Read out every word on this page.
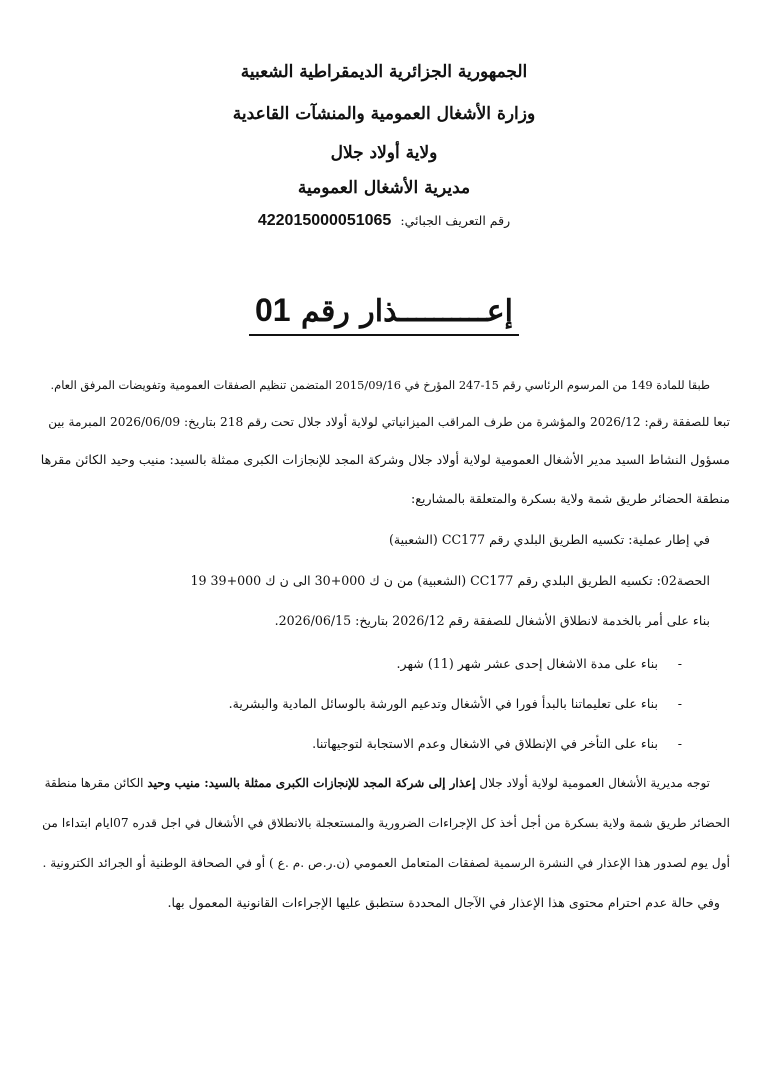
الجمهورية الجزائرية الديمقراطية الشعبية
وزارة الأشغال العمومية والمنشآت القاعدية
ولاية أولاد جلال
مديرية الأشغال العمومية
رقم التعريف الجبائي: 422015000051065
إعــــــــــذار رقم 01
طبقا للمادة 149 من المرسوم الرئاسي رقم 15-247 المؤرخ في 2015/09/16 المتضمن تنظيم الصفقات العمومية وتفويضات المرفق العام.
تبعا للصفقة رقم: 2026/12 والمؤشرة من طرف المراقب الميزانياتي لولاية أولاد جلال تحت رقم 218 بتاريخ: 2026/06/09 المبرمة بين
مسؤول النشاط السيد مدير الأشغال العمومية لولاية أولاد جلال وشركة المجد للإنجازات الكبرى ممثلة بالسيد: منيب وحيد الكائن مقرها
منطقة الحضائر طريق شمة ولاية بسكرة والمتعلقة بالمشاريع:
في إطار عملية: تكسيه الطريق البلدي رقم CC177 (الشعبية)
الحصة02: تكسيه الطريق البلدي رقم CC177 (الشعبية) من ن ك 000+30 الى ن ك 000+39 19
بناء على أمر بالخدمة لانطلاق الأشغال للصفقة رقم 2026/12 بتاريخ: 2026/06/15.
-
بناء على مدة الاشغال إحدى عشر شهر (11) شهر.
-
بناء على تعليماتنا بالبدأ فورا في الأشغال وتدعيم الورشة بالوسائل المادية والبشرية.
-
بناء على التأخر في الإنطلاق في الاشغال وعدم الاستجابة لتوجيهاتنا.
توجه مديرية الأشغال العمومية لولاية أولاد جلال إعذار إلى شركة المجد للإنجازات الكبرى ممثلة بالسيد: منيب وحيد الكائن مقرها منطقة
الحضائر طريق شمة ولاية بسكرة من أجل أخذ كل الإجراءات الضرورية والمستعجلة بالانطلاق في الأشغال في اجل قدره 07ايام ابتداءا من
أول يوم لصدور هذا الإعذار في النشرة الرسمية لصفقات المتعامل العمومي (ن.ر.ص .م .ع ) أو في الصحافة الوطنية أو الجرائد الكترونية .
وفي حالة عدم احترام محتوى هذا الإعذار في الآجال المحددة ستطبق عليها الإجراءات القانونية المعمول بها.
